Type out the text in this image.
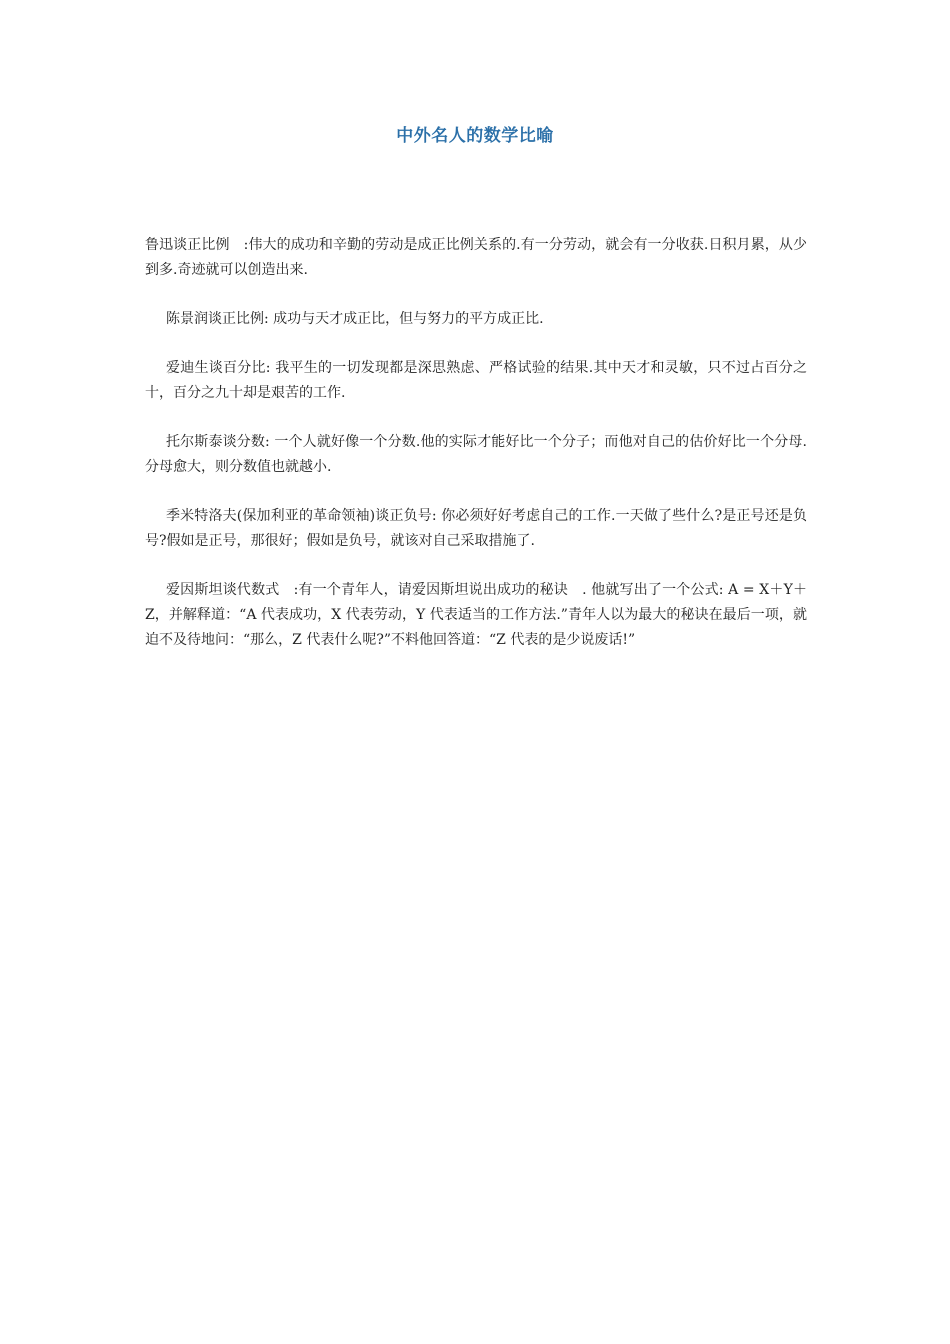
中外名人的数学比喻

鲁迅谈正比例　:伟大的成功和辛勤的劳动是成正比例关系的.有一分劳动，就会有一分收获.日积月累，从少到多.奇迹就可以创造出来.

陈景润谈正比例: 成功与天才成正比，但与努力的平方成正比.

爱迪生谈百分比: 我平生的一切发现都是深思熟虑、严格试验的结果.其中天才和灵敏，只不过占百分之十，百分之九十却是艰苦的工作.

托尔斯泰谈分数: 一个人就好像一个分数.他的实际才能好比一个分子；而他对自己的估价好比一个分母.分母愈大，则分数值也就越小.

季米特洛夫(保加利亚的革命领袖)谈正负号: 你必须好好考虑自己的工作.一天做了些什么?是正号还是负号?假如是正号，那很好；假如是负号，就该对自己采取措施了.

爱因斯坦谈代数式　:有一个青年人，请爱因斯坦说出成功的秘诀　. 他就写出了一个公式: A = X＋Y＋Z，并解释道：“A 代表成功，X 代表劳动，Y 代表适当的工作方法.”青年人以为最大的秘诀在最后一项，就迫不及待地问：“那么，Z 代表什么呢?”不料他回答道：“Z 代表的是少说废话!”
